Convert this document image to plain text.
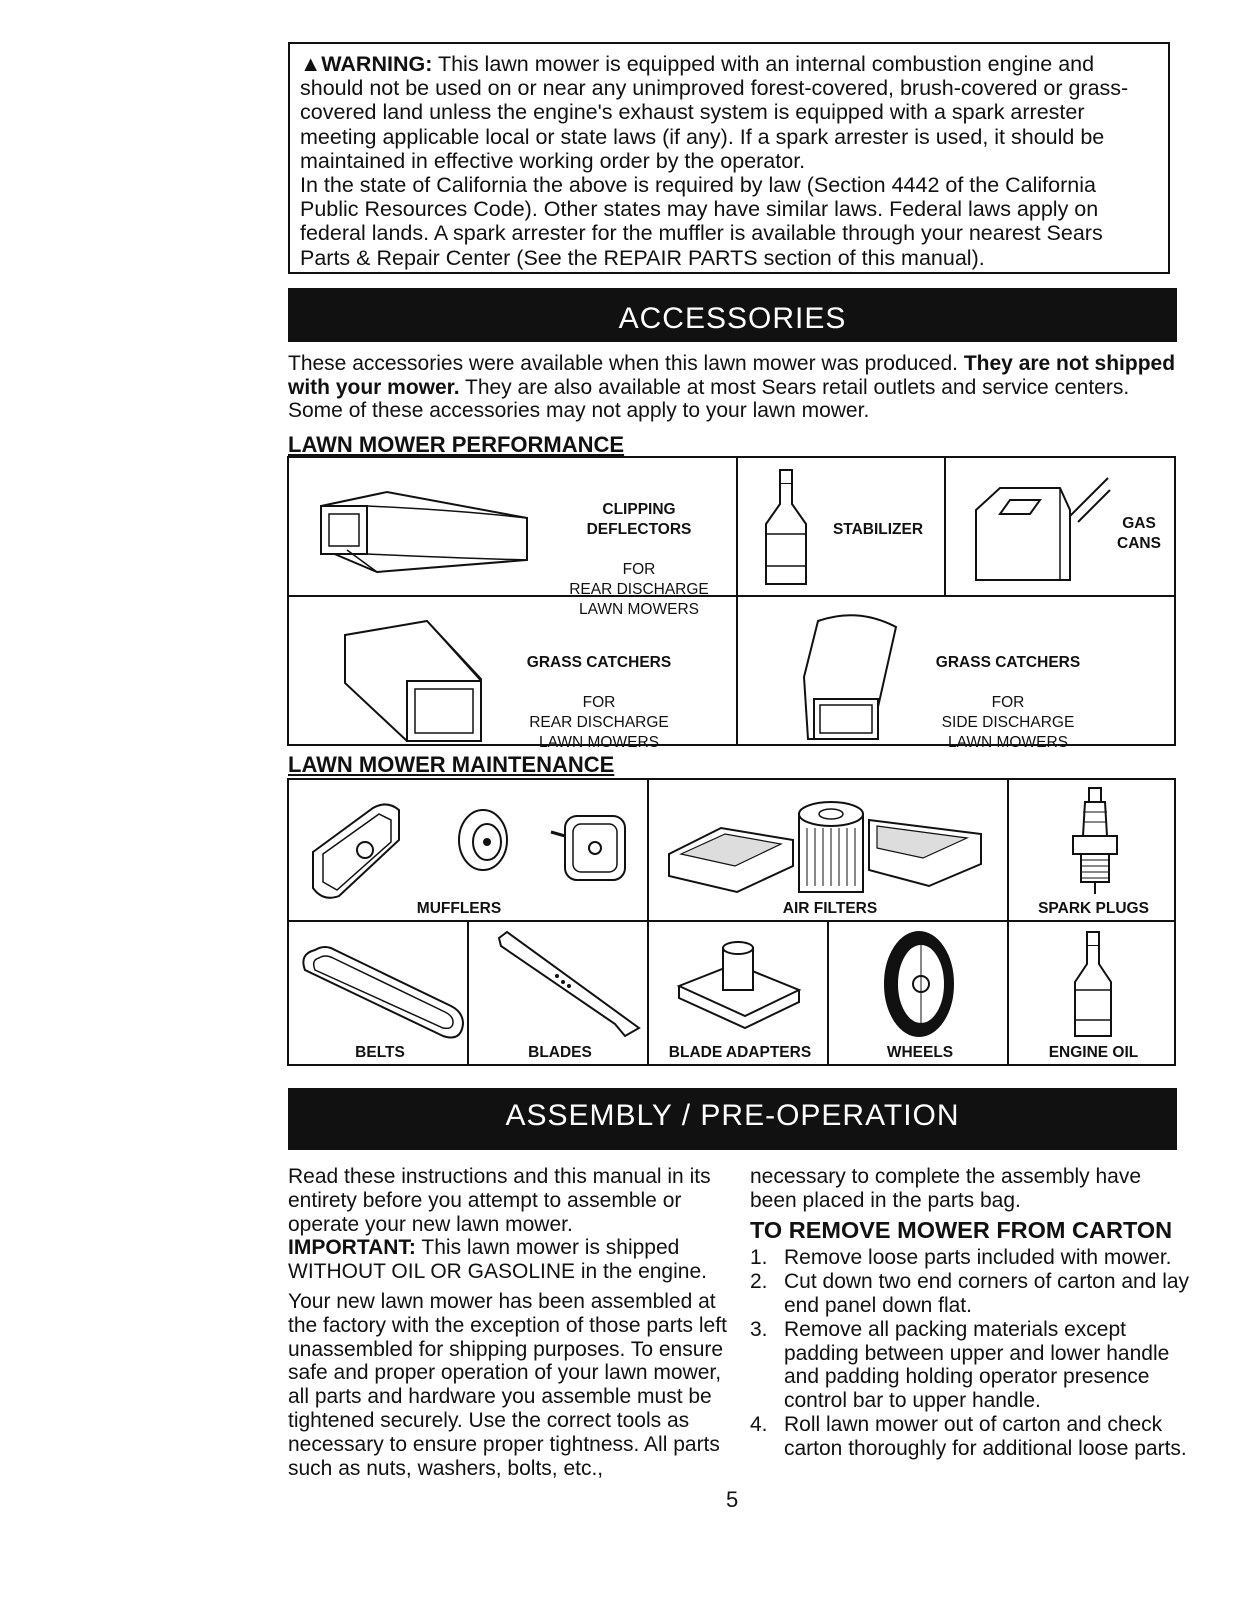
▲WARNING: This lawn mower is equipped with an internal combustion engine and should not be used on or near any unimproved forest-covered, brush-covered or grass-covered land unless the engine's exhaust system is equipped with a spark arrester meeting applicable local or state laws (if any). If a spark arrester is used, it should be maintained in effective working order by the operator.

In the state of California the above is required by law (Section 4442 of the California Public Resources Code). Other states may have similar laws. Federal laws apply on federal lands. A spark arrester for the muffler is available through your nearest Sears Parts & Repair Center (See the REPAIR PARTS section of this manual).

ACCESSORIES

These accessories were available when this lawn mower was produced. They are not shipped with your mower. They are also available at most Sears retail outlets and service centers. Some of these accessories may not apply to your lawn mower.

LAWN MOWER PERFORMANCE

CLIPPING
DEFLECTORS

FOR
REAR DISCHARGE
LAWN MOWERS

STABILIZER	GAS
CANS

GRASS CATCHERS

FOR
REAR DISCHARGE
LAWN MOWERS

GRASS CATCHERS

FOR
SIDE DISCHARGE
LAWN MOWERS

LAWN MOWER MAINTENANCE
MUFFLERS	AIR FILTERS	SPARK PLUGS
BELTS	BLADES	BLADE ADAPTERS	WHEELS	ENGINE OIL
ASSEMBLY / PRE-OPERATION

Read these instructions and this manual in its entirety before you attempt to assemble or operate your new lawn mower.

IMPORTANT: This lawn mower is shipped WITHOUT OIL OR GASOLINE in the engine.

Your new lawn mower has been assembled at the factory with the exception of those parts left unassembled for shipping purposes. To ensure safe and proper operation of your lawn mower, all parts and hardware you assemble must be tightened securely. Use the correct tools as necessary to ensure proper tightness. All parts such as nuts, washers, bolts, etc.,

necessary to complete the assembly have been placed in the parts bag.

TO REMOVE MOWER FROM CARTON
1. Remove loose parts included with mower.
2. Cut down two end corners of carton and lay end panel down flat.
3. Remove all packing materials except padding between upper and lower handle and padding holding operator presence control bar to upper handle.
4. Roll lawn mower out of carton and check carton thoroughly for additional loose parts.
5
